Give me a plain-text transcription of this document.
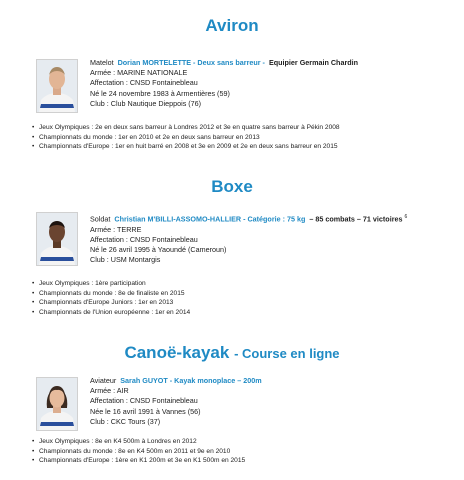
Aviron
Matelot Dorian MORTELETTE - Deux sans barreur - Equipier Germain Chardin
Armée : MARINE NATIONALE
Affectation : CNSD Fontainebleau
Né le 24 novembre 1983 à Armentières (59)
Club : Club Nautique Dieppois (76)
• Jeux Olympiques : 2e en deux sans barreur à Londres 2012 et 3e en quatre sans barreur à Pékin 2008
• Championnats du monde : 1er en 2010 et 2e en deux sans barreur en 2013
• Championnats d'Europe : 1er en huit barré en 2008 et 3e en 2009 et 2e en deux sans barreur en 2015
Boxe
Soldat Christian M'BILLI-ASSOMO-HALLIER - Catégorie : 75 kg – 85 combats – 71 victoires $^6$
Armée : TERRE
Affectation : CNSD Fontainebleau
Né le 26 avril 1995 à Yaoundé (Cameroun)
Club : USM Montargis
• Jeux Olympiques : 1ère participation
• Championnats du monde : 8e de finaliste en 2015
• Championnats d'Europe Juniors : 1er en 2013
• Championnats de l'Union européenne : 1er en 2014
Canoë-kayak - Course en ligne
Aviateur Sarah GUYOT - Kayak monoplace – 200m
Armée : AIR
Affectation : CNSD Fontainebleau
Née le 16 avril 1991 à Vannes (56)
Club : CKC Tours (37)
• Jeux Olympiques : 8e en K4 500m à Londres en 2012
• Championnats du monde : 8e en K4 500m en 2011 et 9e en 2010
• Championnats d'Europe : 1ère en K1 200m et 3e en K1 500m en 2015
